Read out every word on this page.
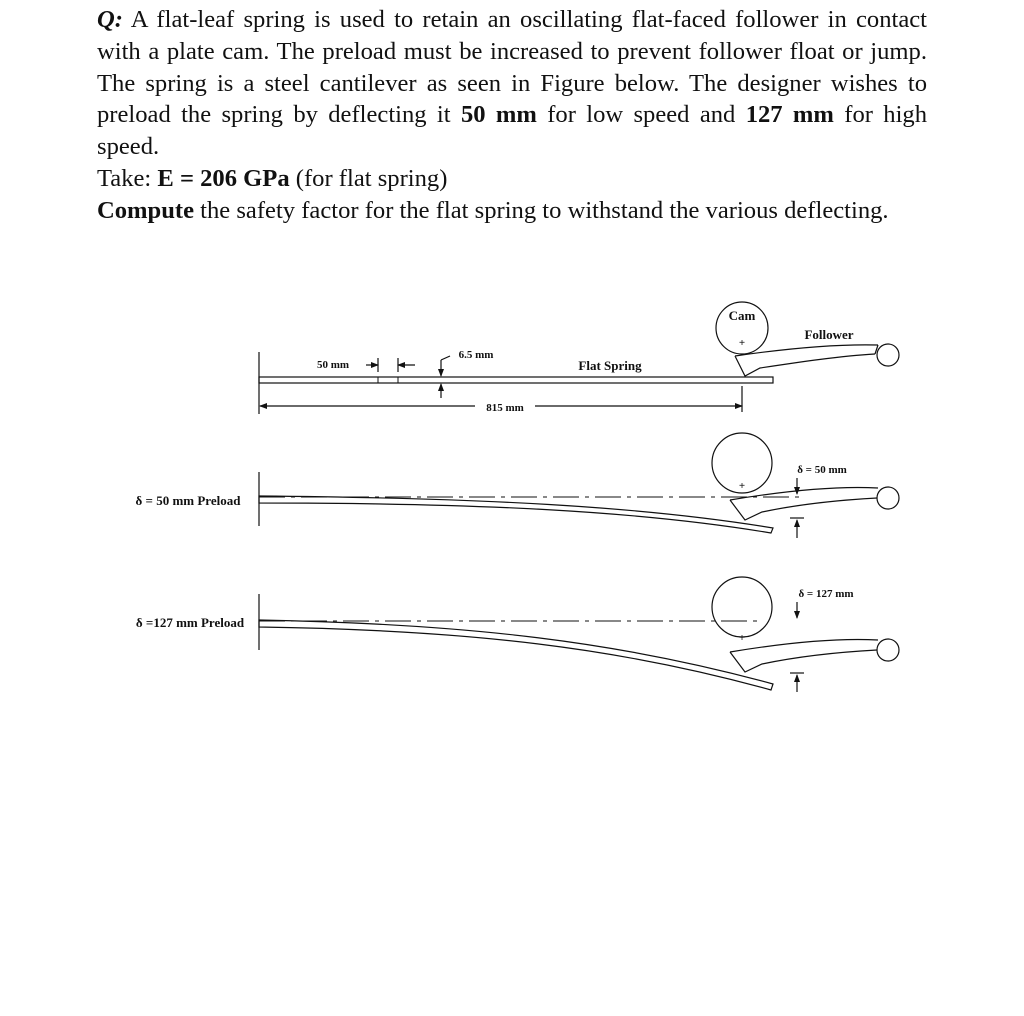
Q: A flat-leaf spring is used to retain an oscillating flat-faced follower in contact with a plate cam. The preload must be increased to prevent follower float or jump. The spring is a steel cantilever as seen in Figure below. The designer wishes to preload the spring by deflecting it 50 mm for low speed and 127 mm for high speed.

Take: E = 206 GPa (for flat spring)

Compute the safety factor for the flat spring to withstand the various deflecting.

Cam
+
Follower
Flat Spring
50 mm
6.5 mm
815 mm
δ = 50 mm Preload
+
δ = 50 mm
δ =127 mm Preload
+
δ = 127 mm
